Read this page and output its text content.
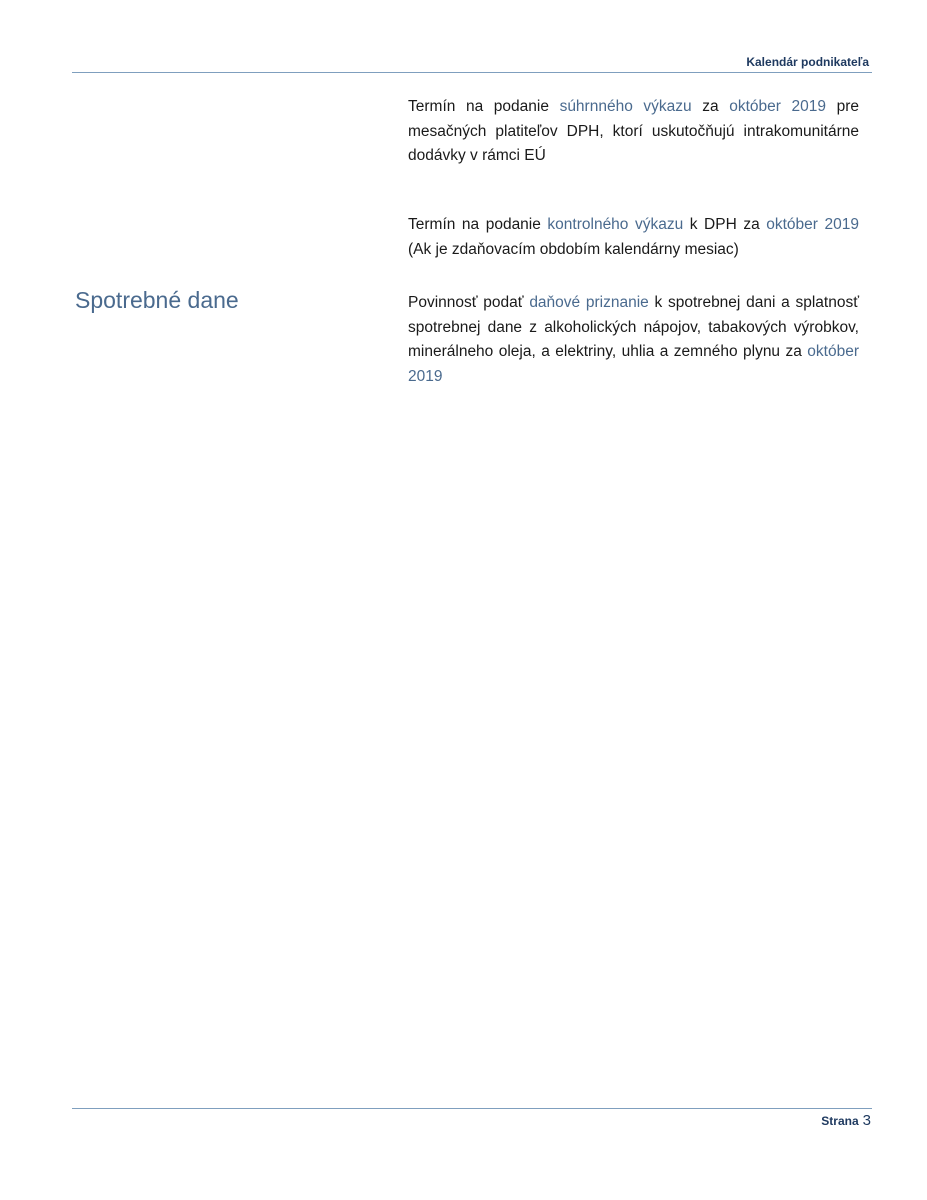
Kalendár podnikateľa
Spotrebné dane

Termín na podanie súhrnného výkazu za október 2019 pre mesačných platiteľov DPH, ktorí uskutočňujú intrakomunitárne dodávky v rámci EÚ

Termín na podanie kontrolného výkazu k DPH za október 2019 (Ak je zdaňovacím obdobím kalendárny mesiac)

Povinnosť podať daňové priznanie k spotrebnej dani a splatnosť spotrebnej dane z alkoholických nápojov, tabakových výrobkov, minerálneho oleja, a elektriny, uhlia a zemného plynu za október 2019

Strana 3
